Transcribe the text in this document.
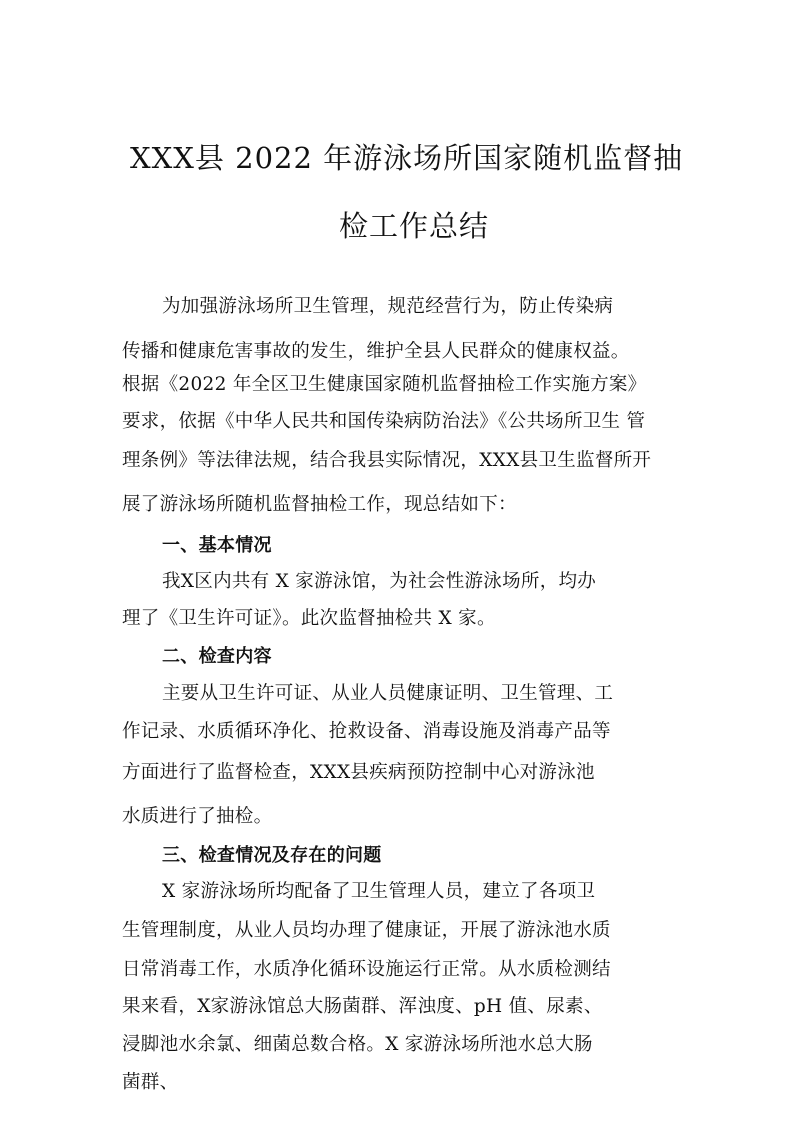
XXX县 2022 年游泳场所国家随机监督抽
检工作总结
为加强游泳场所卫生管理，规范经营行为，防止传染病
传播和健康危害事故的发生，维护全县人民群众的健康权益。
根据《2022 年全区卫生健康国家随机监督抽检工作实施方案》
要求，依据《中华人民共和国传染病防治法》《公共场所卫生 管
理条例》等法律法规，结合我县实际情况，XXX县卫生监督所开
展了游泳场所随机监督抽检工作，现总结如下：
一、基本情况
我X区内共有 X 家游泳馆，为社会性游泳场所，均办
理了《卫生许可证》。此次监督抽检共 X 家。
二、检查内容
主要从卫生许可证、从业人员健康证明、卫生管理、工
作记录、水质循环净化、抢救设备、消毒设施及消毒产品等
方面进行了监督检查，XXX县疾病预防控制中心对游泳池
水质进行了抽检。
三、检查情况及存在的问题
X 家游泳场所均配备了卫生管理人员，建立了各项卫
生管理制度，从业人员均办理了健康证，开展了游泳池水质
日常消毒工作，水质净化循环设施运行正常。从水质检测结
果来看，X家游泳馆总大肠菌群、浑浊度、pH 值、尿素、
浸脚池水余氯、细菌总数合格。X 家游泳场所池水总大肠
菌群、
